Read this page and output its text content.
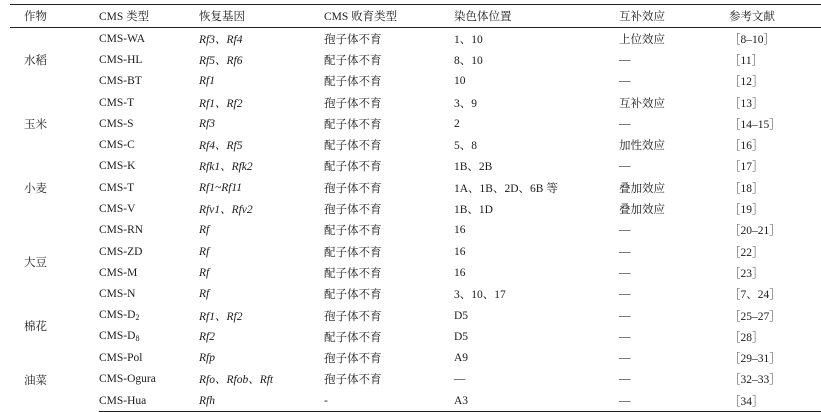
作物	CMS 类型	恢复基因	CMS 败育类型	染色体位置	互补效应	参考文献
水稻	CMS-WA	Rf3、Rf4	孢子体不育	1、10	上位效应	［8–10］
	CMS-HL	Rf5、Rf6	配子体不育	8、10	—	［11］
	CMS-BT	Rf1	配子体不育	10	—	［12］
玉米	CMS-T	Rf1、Rf2	孢子体不育	3、9	互补效应	［13］
	CMS-S	Rf3	配子体不育	2	—	［14–15］
	CMS-C	Rf4、Rf5	配子体不育	5、8	加性效应	［16］
小麦	CMS-K	Rfk1、Rfk2	配子体不育	1B、2B	—	［17］
	CMS-T	Rf1~Rf11	孢子体不育	1A、1B、2D、6B 等	叠加效应	［18］
	CMS-V	Rfv1、Rfv2	孢子体不育	1B、1D	叠加效应	［19］
大豆	CMS-RN	Rf	配子体不育	16	—	［20–21］
	CMS-ZD	Rf	配子体不育	16	—	［22］
	CMS-M	Rf	配子体不育	16	—	［23］
	CMS-N	Rf	配子体不育	3、10、17	—	［7、24］
棉花	CMS-$D_2$	Rf1、Rf2	孢子体不育	D5	—	［25–27］
	CMS-$D_8$	Rf2	配子体不育	D5	—	［28］
油菜	CMS-Pol	Rfp	孢子体不育	A9	—	［29–31］
	CMS-Ogura	Rfo、Rfob、Rft	孢子体不育	—	—	［32–33］
	CMS-Hua	Rfh	-	A3	—	［34］
